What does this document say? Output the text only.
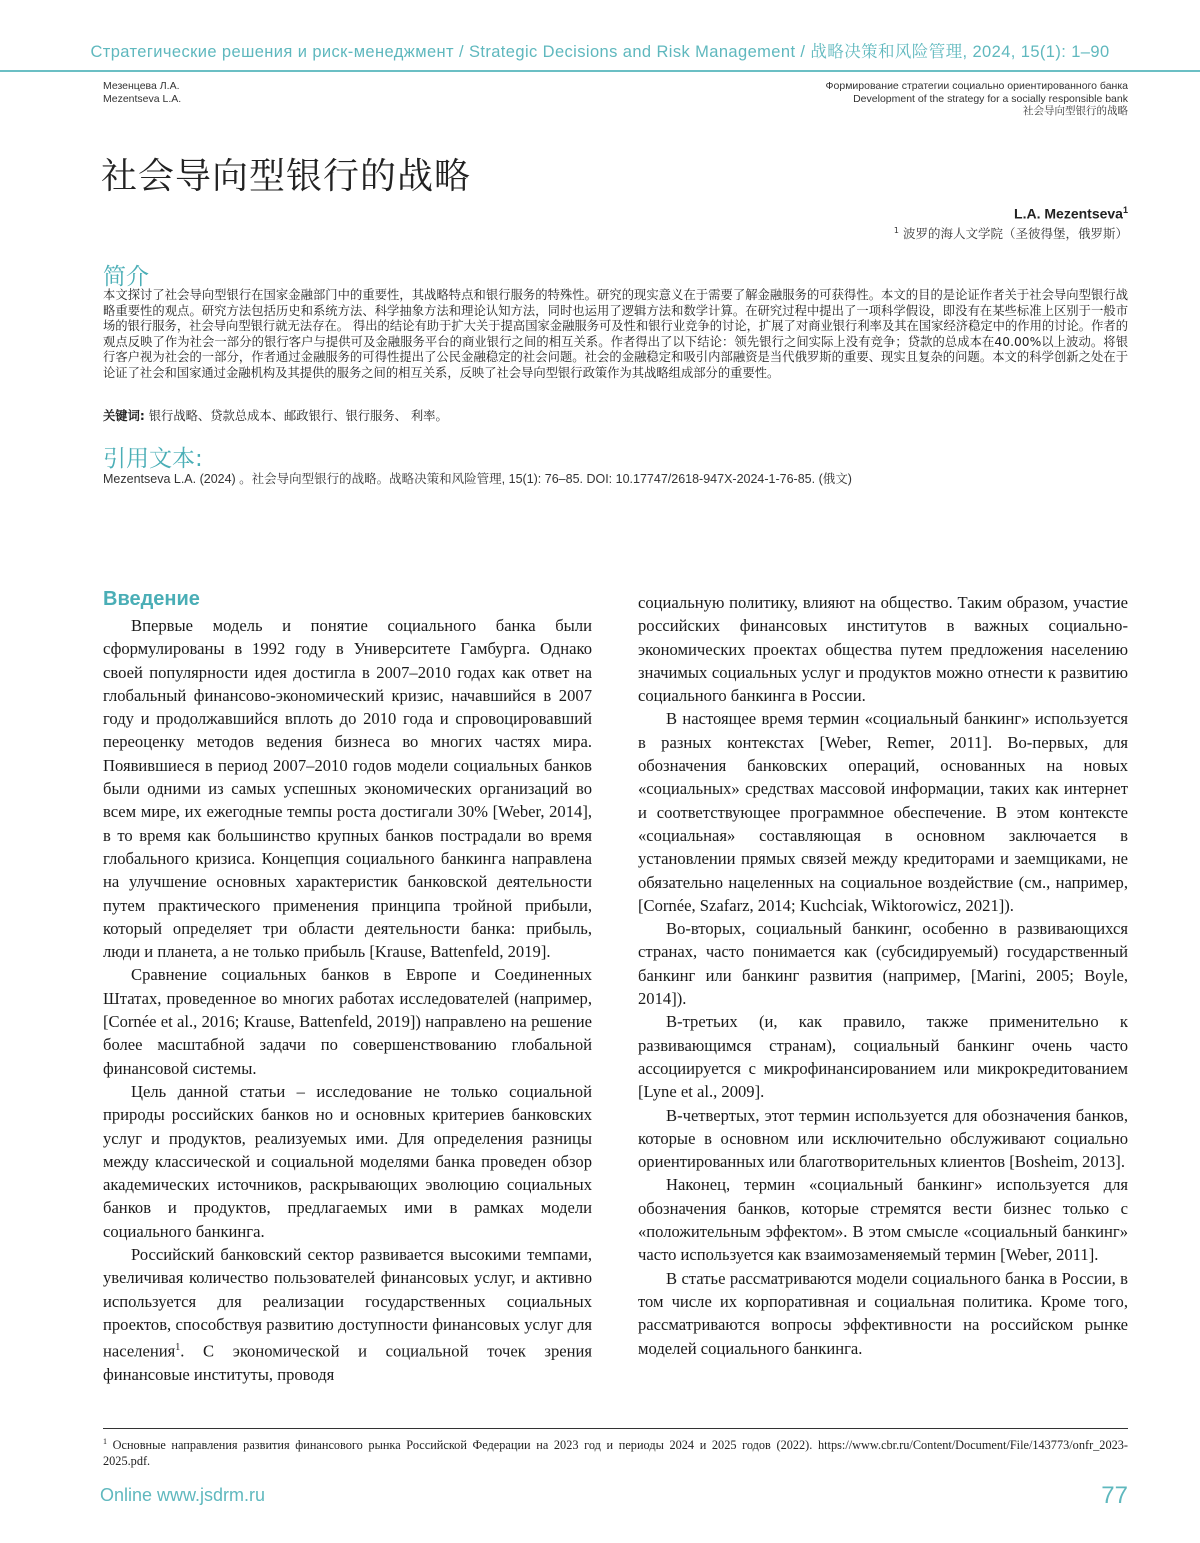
Стратегические решения и риск-менеджмент / Strategic Decisions and Risk Management / 战略决策和风险管理, 2024, 15(1): 1–90
Мезенцева Л.А.
Mezentseva L.A.
Формирование стратегии социально ориентированного банка
Development of the strategy for a socially responsible bank
社会导向型银行的战略
社会导向型银行的战略
L.A. Mezentseva$^1$
$^1$ 波罗的海人文学院（圣彼得堡，俄罗斯）
简介

本文探讨了社会导向型银行在国家金融部门中的重要性，其战略特点和银行服务的特殊性。研究的现实意义在于需要了解金融服务的可获得性。本文的目的是论证作者关于社会导向型银行战略重要性的观点。研究方法包括历史和系统方法、科学抽象方法和理论认知方法，同时也运用了逻辑方法和数学计算。在研究过程中提出了一项科学假设，即没有在某些标准上区别于一般市场的银行服务，社会导向型银行就无法存在。 得出的结论有助于扩大关于提高国家金融服务可及性和银行业竞争的讨论，扩展了对商业银行利率及其在国家经济稳定中的作用的讨论。作者的观点反映了作为社会一部分的银行客户与提供可及金融服务平台的商业银行之间的相互关系。作者得出了以下结论：领先银行之间实际上没有竞争；贷款的总成本在40.00%以上波动。将银行客户视为社会的一部分，作者通过金融服务的可得性提出了公民金融稳定的社会问题。社会的金融稳定和吸引内部融资是当代俄罗斯的重要、现实且复杂的问题。本文的科学创新之处在于论证了社会和国家通过金融机构及其提供的服务之间的相互关系，反映了社会导向型银行政策作为其战略组成部分的重要性。

关键词: 银行战略、贷款总成本、邮政银行、银行服务、 利率。
引用文本:
Mezentseva L.A. (2024) 。社会导向型银行的战略。战略决策和风险管理, 15(1): 76–85. DOI: 10.17747/2618-947X-2024-1-76-85. (俄文)
Введение

Впервые модель и понятие социального банка были сформулированы в 1992 году в Университете Гамбурга. Однако своей популярности идея достигла в 2007–2010 годах как ответ на глобальный финансово-экономический кризис, начавшийся в 2007 году и продолжавшийся вплоть до 2010 года и спровоцировавший переоценку методов ведения бизнеса во многих частях мира. Появившиеся в период 2007–2010 годов модели социальных банков были одними из самых успешных экономических организаций во всем мире, их ежегодные темпы роста достигали 30% [Weber, 2014], в то время как большинство крупных банков пострадали во время глобального кризиса. Концепция социального банкинга направлена на улучшение основных характеристик банковской деятельности путем практического применения принципа тройной прибыли, который определяет три области деятельности банка: прибыль, люди и планета, а не только прибыль [Krause, Battenfeld, 2019].

Сравнение социальных банков в Европе и Соединенных Штатах, проведенное во многих работах исследователей (например, [Cornée et al., 2016; Krause, Battenfeld, 2019]) направлено на решение более масштабной задачи по совершенствованию глобальной финансовой системы.

Цель данной статьи – исследование не только социальной природы российских банков но и основных критериев банковских услуг и продуктов, реализуемых ими. Для определения разницы между классической и социальной моделями банка проведен обзор академических источников, раскрывающих эволюцию социальных банков и продуктов, предлагаемых ими в рамках модели социального банкинга.

Российский банковский сектор развивается высокими темпами, увеличивая количество пользователей финансовых услуг, и активно используется для реализации государственных социальных проектов, способствуя развитию доступности финансовых услуг для населения$^1$. С экономической и социальной точек зрения финансовые институты, проводя

социальную политику, влияют на общество. Таким образом, участие российских финансовых институтов в важных социально-экономических проектах общества путем предложения населению значимых социальных услуг и продуктов можно отнести к развитию социального банкинга в России.

В настоящее время термин «социальный банкинг» используется в разных контекстах [Weber, Remer, 2011]. Во-первых, для обозначения банковских операций, основанных на новых «социальных» средствах массовой информации, таких как интернет и соответствующее программное обеспечение. В этом контексте «социальная» составляющая в основном заключается в установлении прямых связей между кредиторами и заемщиками, не обязательно нацеленных на социальное воздействие (см., например, [Cornée, Szafarz, 2014; Kuchciak, Wiktorowicz, 2021]).

Во-вторых, социальный банкинг, особенно в развивающихся странах, часто понимается как (субсидируемый) государственный банкинг или банкинг развития (например, [Marini, 2005; Boyle, 2014]).

В-третьих (и, как правило, также применительно к развивающимся странам), социальный банкинг очень часто ассоциируется с микрофинансированием или микрокредитованием [Lyne et al., 2009].

В-четвертых, этот термин используется для обозначения банков, которые в основном или исключительно обслуживают социально ориентированных или благотворительных клиентов [Bosheim, 2013].

Наконец, термин «социальный банкинг» используется для обозначения банков, которые стремятся вести бизнес только с «положительным эффектом». В этом смысле «социальный банкинг» часто используется как взаимозаменяемый термин [Weber, 2011].

В статье рассматриваются модели социального банка в России, в том числе их корпоративная и социальная политика. Кроме того, рассматриваются вопросы эффективности на российском рынке моделей социального банкинга.

$^1$ Основные направления развития финансового рынка Российской Федерации на 2023 год и периоды 2024 и 2025 годов (2022). https://www.cbr.ru/Content/Document/File/143773/onfr_2023-2025.pdf.

Online www.jsdrm.ru	77
